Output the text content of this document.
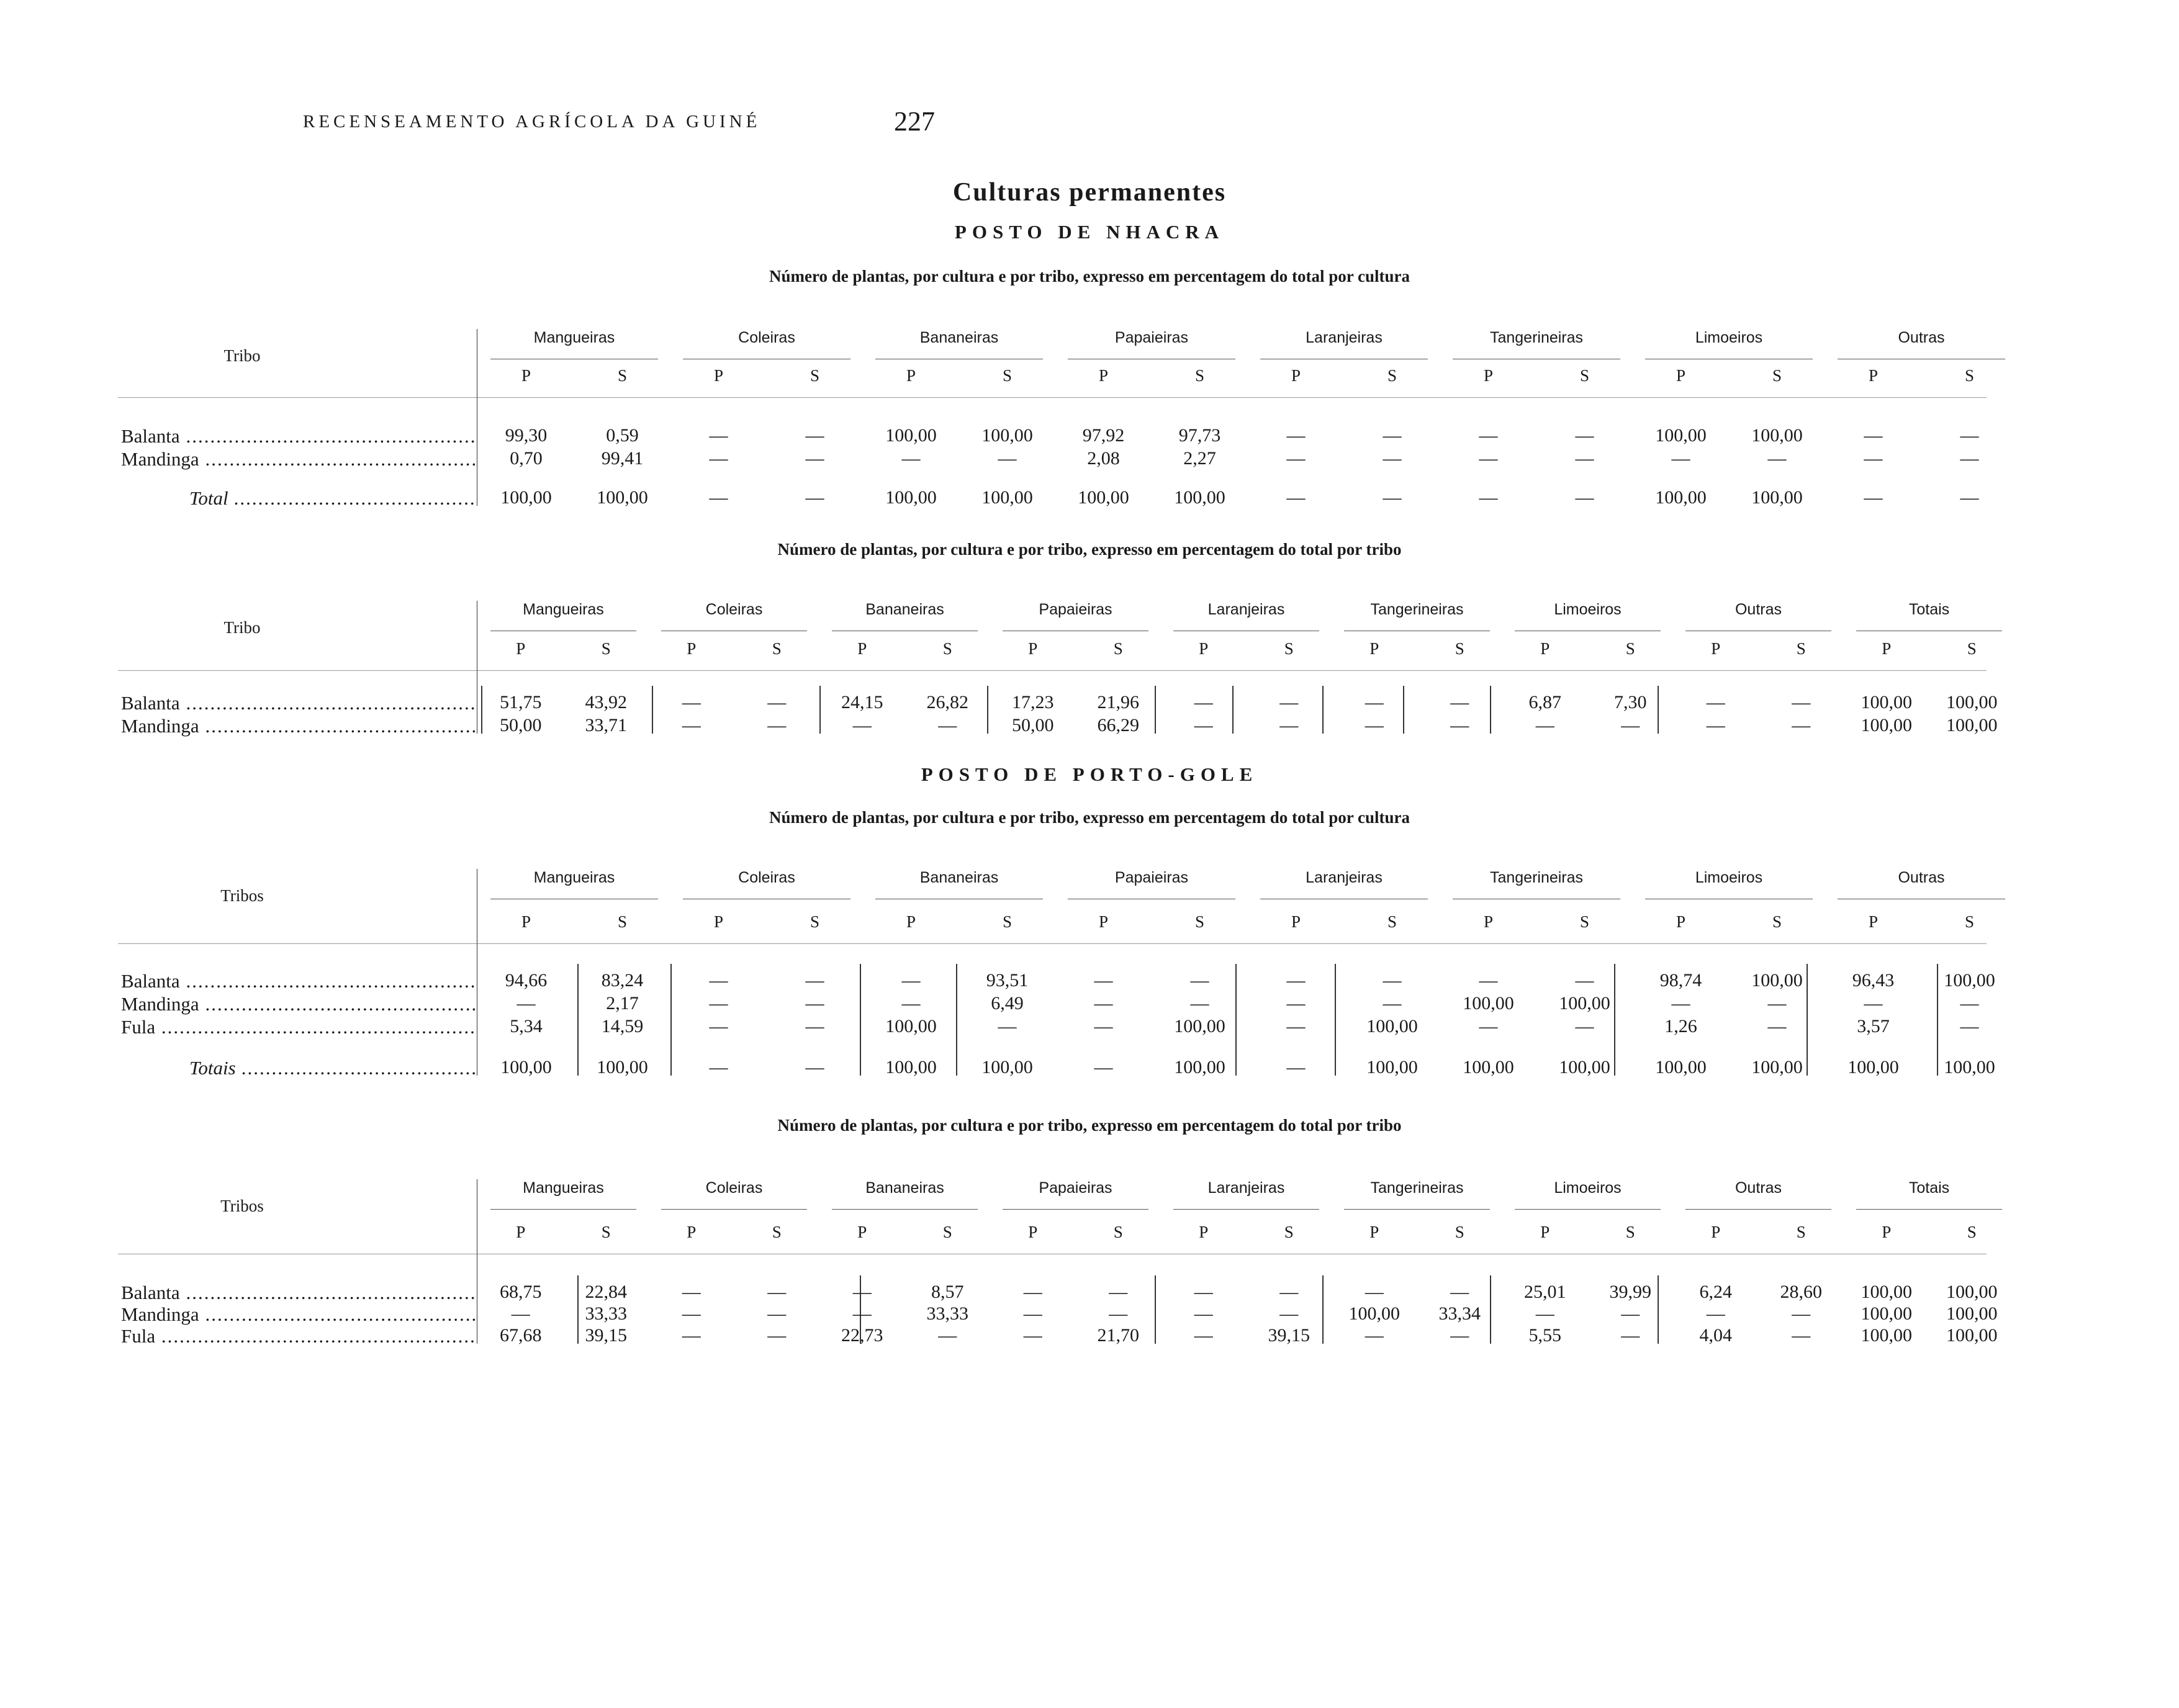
RECENSEAMENTO AGRÍCOLA DA GUINÉ	227
Culturas permanentes
POSTO DE NHACRA
Número de plantas, por cultura e por tribo, expresso em percentagem do total por cultura
Tribo
Mangueiras
P	S
Coleiras
P	S
Bananeiras
P	S
Papaieiras
P	S
Laranjeiras
P	S
Tangerineiras
P	S
Limoeiros
P	S
Outras
P	S
Balanta .....	99,30	0,59	—	—	100,00	100,00	97,92	97,73	—	—	—	—	100,00	100,00	—	—
Mandinga .....	0,70	99,41	—	—	—	—	2,08	2,27	—	—	—	—	—	—	—	—
Total .....	100,00	100,00	—	—	100,00	100,00	100,00	100,00	—	—	—	—	100,00	100,00	—	—
Número de plantas, por cultura e por tribo, expresso em percentagem do total por tribo
Tribo
Mangueiras
P	S
Coleiras
P	S
Bananeiras
P	S
Papaieiras
P	S
Laranjeiras
P	S
Tangerineiras
P	S
Limoeiros
P	S
Outras
P	S
Totais
P	S
Balanta .....	51,75	43,92	—	—	24,15	26,82	17,23	21,96	—	—	—	—	6,87	7,30	—	—	100,00	100,00
Mandinga .....	50,00	33,71	—	—	—	—	50,00	66,29	—	—	—	—	—	—	—	—	100,00	100,00
POSTO DE PORTO-GOLE
Número de plantas, por cultura e por tribo, expresso em percentagem do total por cultura
Tribos
Mangueiras
P	S
Coleiras
P	S
Bananeiras
P	S
Papaieiras
P	S
Laranjeiras
P	S
Tangerineiras
P	S
Limoeiros
P	S
Outras
P	S
Balanta .....	94,66	83,24	—	—	—	93,51	—	—	—	—	—	—	98,74	100,00	96,43	100,00
Mandinga .....	—	2,17	—	—	—	6,49	—	—	—	—	100,00	100,00	—	—	—	—
Fula .....	5,34	14,59	—	—	100,00	—	—	100,00	—	100,00	—	—	1,26	—	3,57	—
Totais .....	100,00	100,00	—	—	100,00	100,00	—	100,00	—	100,00	100,00	100,00	100,00	100,00	100,00	100,00
Número de plantas, por cultura e por tribo, expresso em percentagem do total por tribo
Tribos
Mangueiras
P	S
Coleiras
P	S
Bananeiras
P	S
Papaieiras
P	S
Laranjeiras
P	S
Tangerineiras
P	S
Limoeiros
P	S
Outras
P	S
Totais
P	S
Balanta .....	68,75	22,84	—	—	—	8,57	—	—	—	—	—	—	25,01	39,99	6,24	28,60	100,00	100,00
Mandinga .....	—	33,33	—	—	—	33,33	—	—	—	—	100,00	33,34	—	—	—	—	100,00	100,00
Fula .....	67,68	39,15	—	—	22,73	—	—	21,70	—	39,15	—	—	5,55	—	4,04	—	100,00	100,00
